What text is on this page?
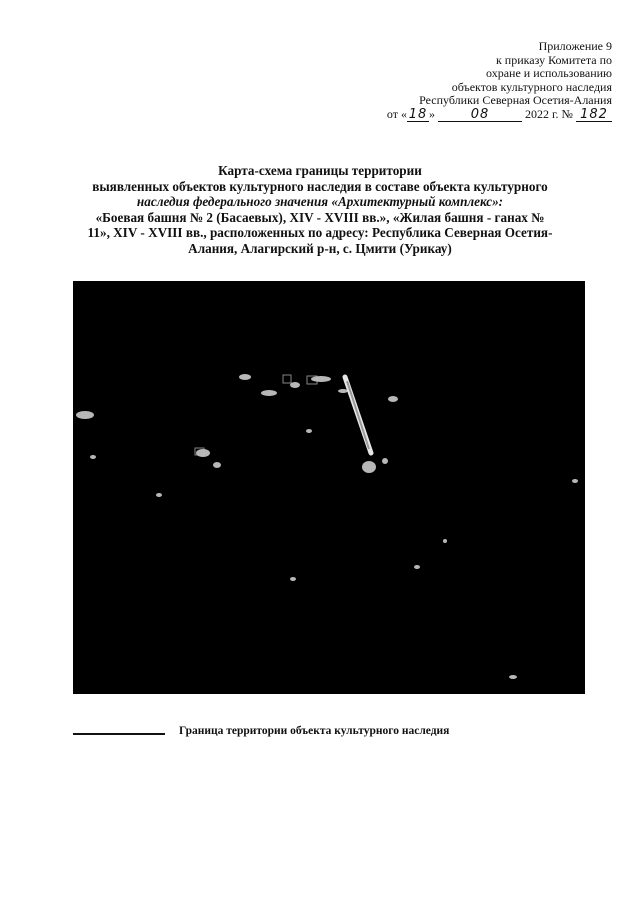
Приложение 9
к приказу Комитета по
охране и использованию
объектов культурного наследия
Республики Северная Осетия-Алания
от « 18 »	08	2022 г. № 182
Карта-схема границы территории
выявленных объектов культурного наследия в составе объекта культурного
наследия федерального значения «Архитектурный комплекс»:
«Боевая башня № 2 (Басаевых), XIV - XVIII вв.», «Жилая башня - ганах №
11», XIV - XVIII вв., расположенных по адресу: Республика Северная Осетия-
Алания, Алагирский р-н, с. Цмити (Урикау)
Граница территории объекта культурного наследия
